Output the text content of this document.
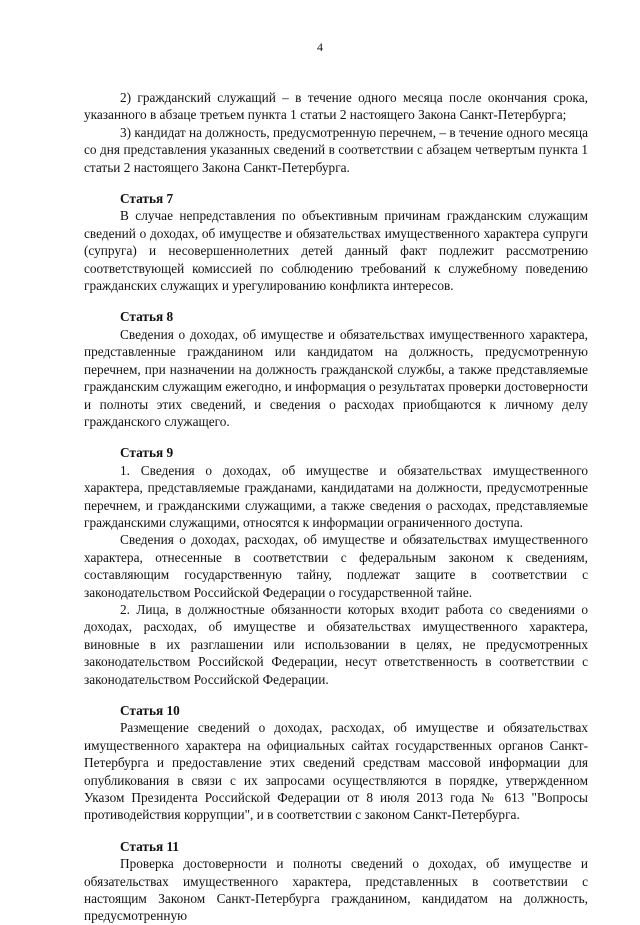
4

2) гражданский служащий – в течение одного месяца после окончания срока, указанного в абзаце третьем пункта 1 статьи 2 настоящего Закона Санкт-Петербурга;

3) кандидат на должность, предусмотренную перечнем, – в течение одного месяца со дня представления указанных сведений в соответствии с абзацем четвертым пункта 1 статьи 2 настоящего Закона Санкт-Петербурга.

Статья 7

В случае непредставления по объективным причинам гражданским служащим сведений о доходах, об имуществе и обязательствах имущественного характера супруги (супруга) и несовершеннолетних детей данный факт подлежит рассмотрению соответствующей комиссией по соблюдению требований к служебному поведению гражданских служащих и урегулированию конфликта интересов.

Статья 8

Сведения о доходах, об имуществе и обязательствах имущественного характера, представленные гражданином или кандидатом на должность, предусмотренную перечнем, при назначении на должность гражданской службы, а также представляемые гражданским служащим ежегодно, и информация о результатах проверки достоверности и полноты этих сведений, и сведения о расходах приобщаются к личному делу гражданского служащего.

Статья 9

1. Сведения о доходах, об имуществе и обязательствах имущественного характера, представляемые гражданами, кандидатами на должности, предусмотренные перечнем, и гражданскими служащими, а также сведения о расходах, представляемые гражданскими служащими, относятся к информации ограниченного доступа.

Сведения о доходах, расходах, об имуществе и обязательствах имущественного характера, отнесенные в соответствии с федеральным законом к сведениям, составляющим государственную тайну, подлежат защите в соответствии с законодательством Российской Федерации о государственной тайне.

2. Лица, в должностные обязанности которых входит работа со сведениями о доходах, расходах, об имуществе и обязательствах имущественного характера, виновные в их разглашении или использовании в целях, не предусмотренных законодательством Российской Федерации, несут ответственность в соответствии с законодательством Российской Федерации.

Статья 10

Размещение сведений о доходах, расходах, об имуществе и обязательствах имущественного характера на официальных сайтах государственных органов Санкт-Петербурга и предоставление этих сведений средствам массовой информации для опубликования в связи с их запросами осуществляются в порядке, утвержденном Указом Президента Российской Федерации от 8 июля 2013 года № 613 "Вопросы противодействия коррупции", и в соответствии с законом Санкт-Петербурга.

Статья 11

Проверка достоверности и полноты сведений о доходах, об имуществе и обязательствах имущественного характера, представленных в соответствии с настоящим Законом Санкт-Петербурга гражданином, кандидатом на должность, предусмотренную
